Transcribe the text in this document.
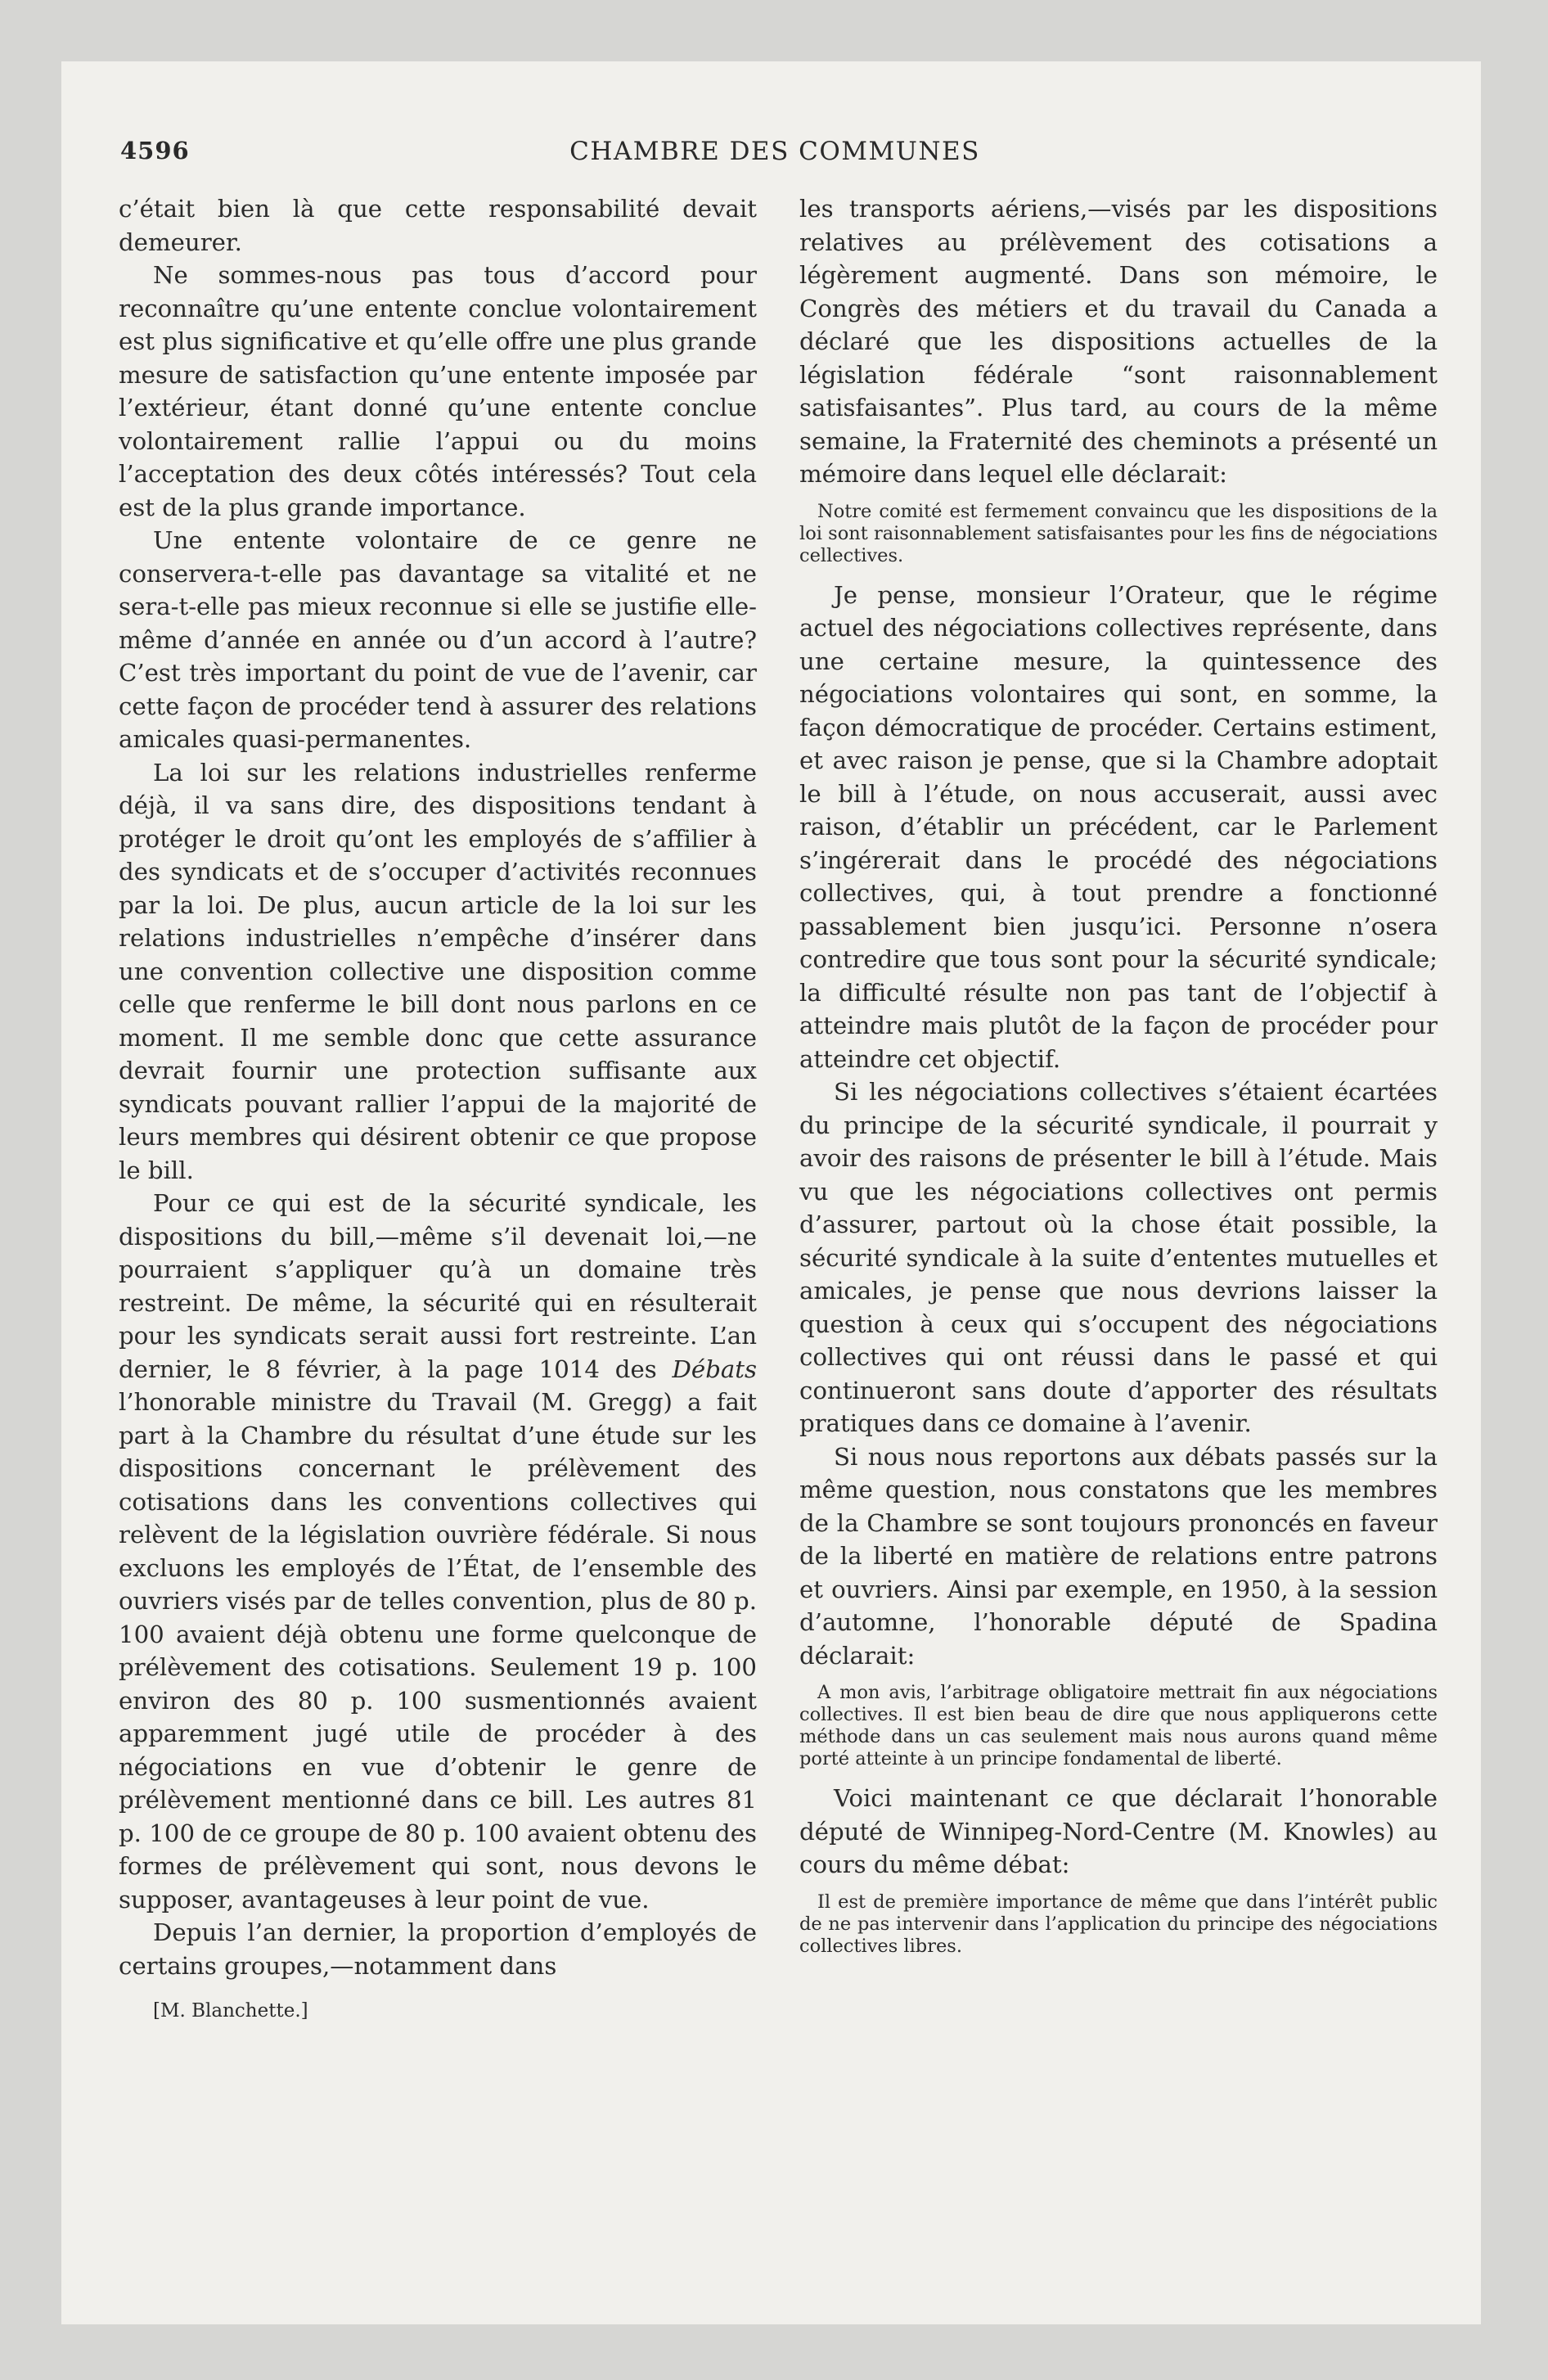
CHAMBRE DES COMMUNES
4596

c’était bien là que cette responsabilité devait demeurer.

Ne sommes-nous pas tous d’accord pour reconnaître qu’une entente conclue volontairement est plus significative et qu’elle offre une plus grande mesure de satisfaction qu’une entente imposée par l’extérieur, étant donné qu’une entente conclue volontairement rallie l’appui ou du moins l’acceptation des deux côtés intéressés? Tout cela est de la plus grande importance.

Une entente volontaire de ce genre ne conservera-t-elle pas davantage sa vitalité et ne sera-t-elle pas mieux reconnue si elle se justifie elle-même d’année en année ou d’un accord à l’autre? C’est très important du point de vue de l’avenir, car cette façon de procéder tend à assurer des relations amicales quasi-permanentes.

La loi sur les relations industrielles renferme déjà, il va sans dire, des dispositions tendant à protéger le droit qu’ont les employés de s’affilier à des syndicats et de s’occuper d’activités reconnues par la loi. De plus, aucun article de la loi sur les relations industrielles n’empêche d’insérer dans une convention collective une disposition comme celle que renferme le bill dont nous parlons en ce moment. Il me semble donc que cette assurance devrait fournir une protection suffisante aux syndicats pouvant rallier l’appui de la majorité de leurs membres qui désirent obtenir ce que propose le bill.

Pour ce qui est de la sécurité syndicale, les dispositions du bill,—même s’il devenait loi,—ne pourraient s’appliquer qu’à un domaine très restreint. De même, la sécurité qui en résulterait pour les syndicats serait aussi fort restreinte. L’an dernier, le 8 février, à la page 1014 des Débats l’honorable ministre du Travail (M. Gregg) a fait part à la Chambre du résultat d’une étude sur les dispositions concernant le prélèvement des cotisations dans les conventions collectives qui relèvent de la législation ouvrière fédérale. Si nous excluons les employés de l’État, de l’ensemble des ouvriers visés par de telles convention, plus de 80 p. 100 avaient déjà obtenu une forme quelconque de prélèvement des cotisations. Seulement 19 p. 100 environ des 80 p. 100 susmentionnés avaient apparemment jugé utile de procéder à des négociations en vue d’obtenir le genre de prélèvement mentionné dans ce bill. Les autres 81 p. 100 de ce groupe de 80 p. 100 avaient obtenu des formes de prélèvement qui sont, nous devons le supposer, avantageuses à leur point de vue.

Depuis l’an dernier, la proportion d’employés de certains groupes,—notamment dans

[M. Blanchette.]

les transports aériens,—visés par les dispositions relatives au prélèvement des cotisations a légèrement augmenté. Dans son mémoire, le Congrès des métiers et du travail du Canada a déclaré que les dispositions actuelles de la législation fédérale “sont raisonnablement satisfaisantes”. Plus tard, au cours de la même semaine, la Fraternité des cheminots a présenté un mémoire dans lequel elle déclarait:

Notre comité est fermement convaincu que les dispositions de la loi sont raisonnablement satisfaisantes pour les fins de négociations cellectives.

Je pense, monsieur l’Orateur, que le régime actuel des négociations collectives représente, dans une certaine mesure, la quintessence des négociations volontaires qui sont, en somme, la façon démocratique de procéder. Certains estiment, et avec raison je pense, que si la Chambre adoptait le bill à l’étude, on nous accuserait, aussi avec raison, d’établir un précédent, car le Parlement s’ingérerait dans le procédé des négociations collectives, qui, à tout prendre a fonctionné passablement bien jusqu’ici. Personne n’osera contredire que tous sont pour la sécurité syndicale; la difficulté résulte non pas tant de l’objectif à atteindre mais plutôt de la façon de procéder pour atteindre cet objectif.

Si les négociations collectives s’étaient écartées du principe de la sécurité syndicale, il pourrait y avoir des raisons de présenter le bill à l’étude. Mais vu que les négociations collectives ont permis d’assurer, partout où la chose était possible, la sécurité syndicale à la suite d’ententes mutuelles et amicales, je pense que nous devrions laisser la question à ceux qui s’occupent des négociations collectives qui ont réussi dans le passé et qui continueront sans doute d’apporter des résultats pratiques dans ce domaine à l’avenir.

Si nous nous reportons aux débats passés sur la même question, nous constatons que les membres de la Chambre se sont toujours prononcés en faveur de la liberté en matière de relations entre patrons et ouvriers. Ainsi par exemple, en 1950, à la session d’automne, l’honorable député de Spadina déclarait:

A mon avis, l’arbitrage obligatoire mettrait fin aux négociations collectives. Il est bien beau de dire que nous appliquerons cette méthode dans un cas seulement mais nous aurons quand même porté atteinte à un principe fondamental de liberté.

Voici maintenant ce que déclarait l’honorable député de Winnipeg-Nord-Centre (M. Knowles) au cours du même débat:

Il est de première importance de même que dans l’intérêt public de ne pas intervenir dans l’application du principe des négociations collectives libres.
